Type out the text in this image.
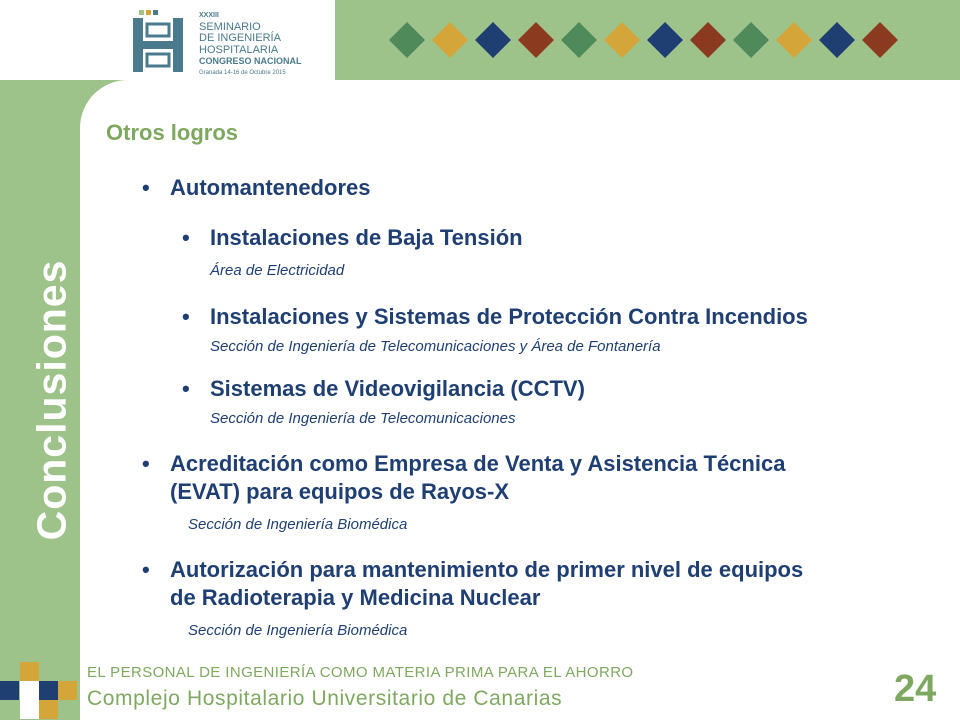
XXXIII
SEMINARIO
DE INGENIERÍA
HOSPITALARIA
CONGRESO NACIONAL
Granada 14-16 de Octubre 2015
Conclusiones
Otros logros
• Automantenedores
• Instalaciones de Baja Tensión
Área de Electricidad
• Instalaciones y Sistemas de Protección Contra Incendios
Sección de Ingeniería de Telecomunicaciones y Área de Fontanería
• Sistemas de Videovigilancia (CCTV)
Sección de Ingeniería de Telecomunicaciones
• Acreditación como Empresa de Venta y Asistencia Técnica
(EVAT) para equipos de Rayos-X
Sección de Ingeniería Biomédica
• Autorización para mantenimiento de primer nivel de equipos
de Radioterapia y Medicina Nuclear
Sección de Ingeniería Biomédica
EL PERSONAL DE INGENIERÍA COMO MATERIA PRIMA PARA EL AHORRO
Complejo Hospitalario Universitario de Canarias	24
